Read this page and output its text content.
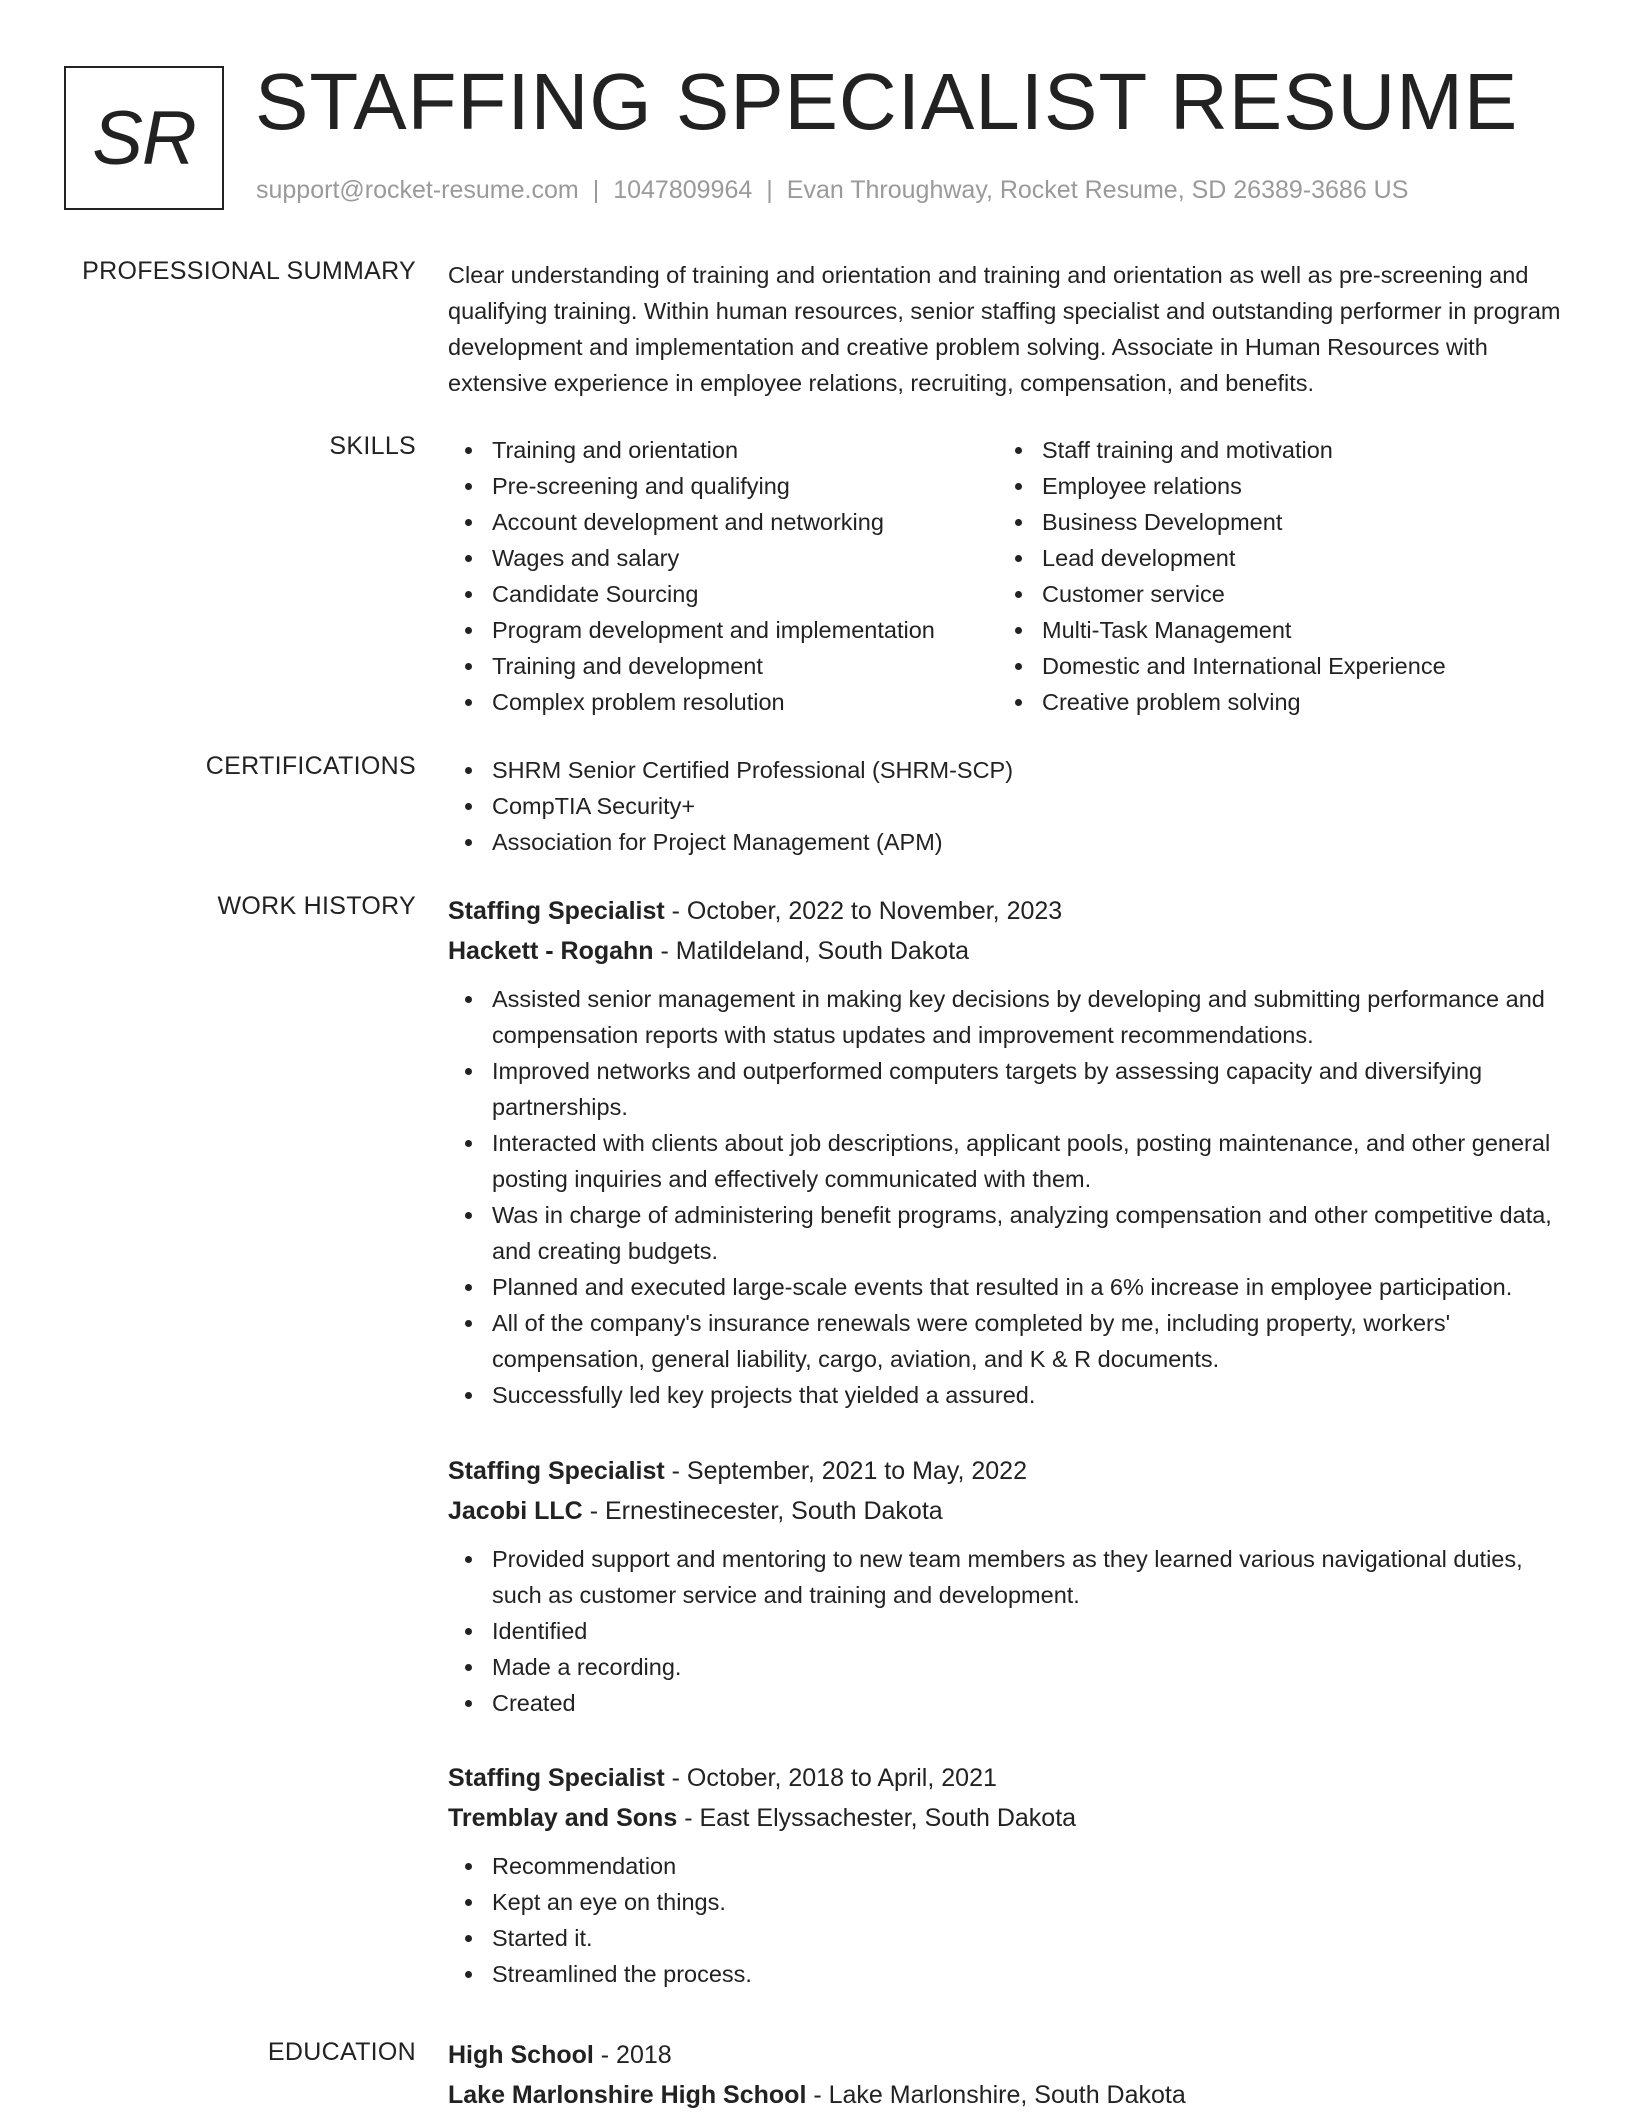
SR STAFFING SPECIALIST RESUME
support@rocket-resume.com | 1047809964 | Evan Throughway, Rocket Resume, SD 26389-3686 US
PROFESSIONAL SUMMARY Clear understanding of training and orientation and training and orientation as well as pre-screening and qualifying training. Within human resources, senior staffing specialist and outstanding performer in program development and implementation and creative problem solving. Associate in Human Resources with extensive experience in employee relations, recruiting, compensation, and benefits.
SKILLS	Training and orientation
Pre-screening and qualifying
Account development and networking
Wages and salary
Candidate Sourcing
Program development and implementation
Training and development
Complex problem resolution
Staff training and motivation
Employee relations
Business Development
Lead development
Customer service
Multi-Task Management
Domestic and International Experience
Creative problem solving
CERTIFICATIONS	SHRM Senior Certified Professional (SHRM-SCP)
CompTIA Security+
Association for Project Management (APM)
WORK HISTORY Staffing Specialist - October, 2022 to November, 2023
Hackett - Rogahn - Matildeland, South Dakota
Assisted senior management in making key decisions by developing and submitting performance and compensation reports with status updates and improvement recommendations.
Improved networks and outperformed computers targets by assessing capacity and diversifying partnerships.
Interacted with clients about job descriptions, applicant pools, posting maintenance, and other general posting inquiries and effectively communicated with them.
Was in charge of administering benefit programs, analyzing compensation and other competitive data, and creating budgets.
Planned and executed large-scale events that resulted in a 6% increase in employee participation.
All of the company's insurance renewals were completed by me, including property, workers' compensation, general liability, cargo, aviation, and K & R documents.
Successfully led key projects that yielded a assured.
Staffing Specialist - September, 2021 to May, 2022
Jacobi LLC - Ernestinecester, South Dakota
Provided support and mentoring to new team members as they learned various navigational duties, such as customer service and training and development.
Identified
Made a recording.
Created
Staffing Specialist - October, 2018 to April, 2021
Tremblay and Sons - East Elyssachester, South Dakota
Recommendation
Kept an eye on things.
Started it.
Streamlined the process.
EDUCATION High School - 2018
Lake Marlonshire High School - Lake Marlonshire, South Dakota
